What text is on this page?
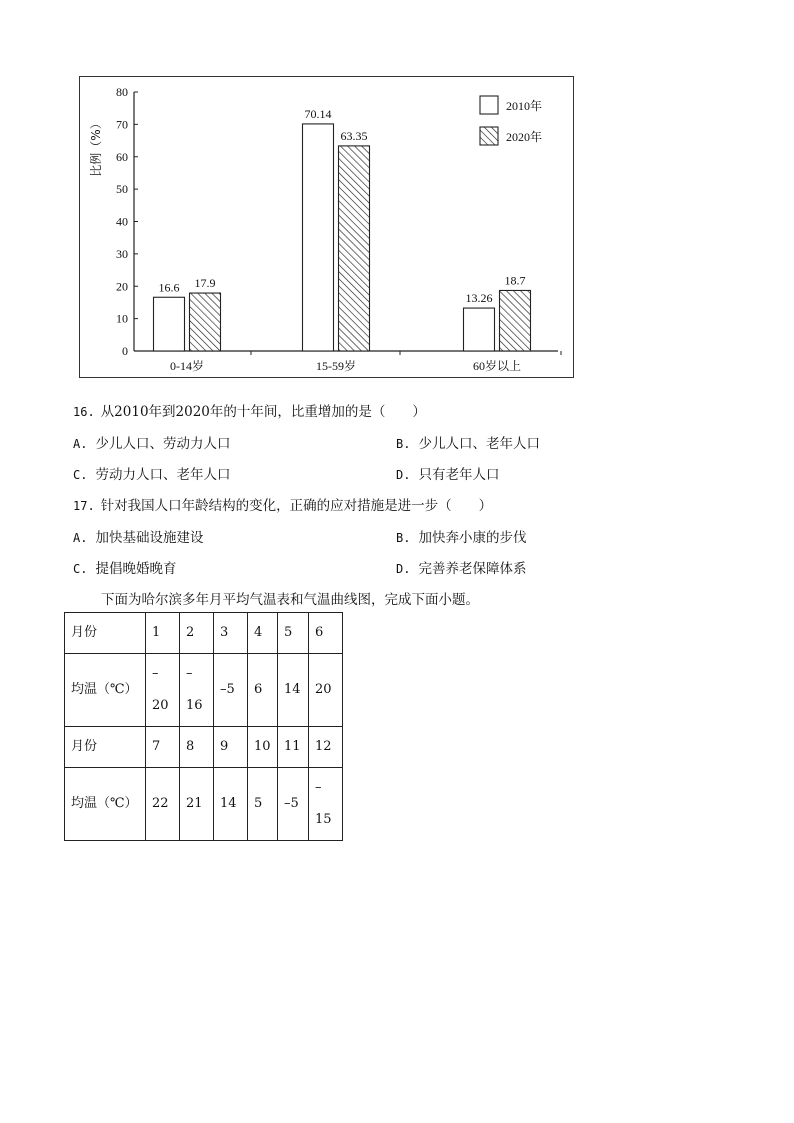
0
10
20
30
40
50
60
70
80
比例（%）
16.6 17.9
0-14岁
70.14
63.35
15-59岁
13.26
18.7
60岁以上
2010年
2020年
16. 从2010年到2020年的十年间，比重增加的是（　　）
A. 少儿人口、劳动力人口	B. 少儿人口、老年人口
C. 劳动力人口、老年人口	D. 只有老年人口
17. 针对我国人口年龄结构的变化，正确的应对措施是进一步（　　）
A. 加快基础设施建设	B. 加快奔小康的步伐
C. 提倡晚婚晚育	D. 完善养老保障体系
下面为哈尔滨多年月平均气温表和气温曲线图，完成下面小题。
月份	1	2	3	4	5	6
均温（℃）	–20	–16	–5	6	14	20
月份	7	8	9	10	11	12
均温（℃）	22	21	14	5	–5	–15
